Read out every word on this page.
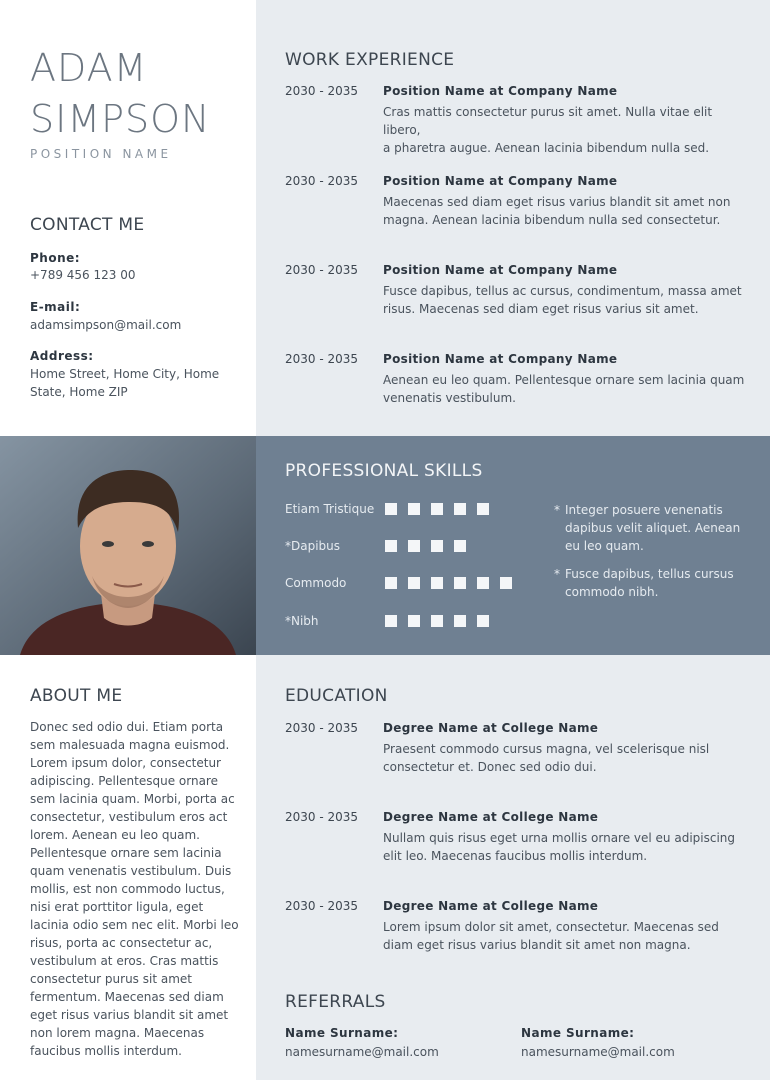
ADAM
SIMPSON
POSITION NAME
CONTACT ME
Phone:
+789 456 123 00
E-mail:
adamsimpson@mail.com
Address:
Home Street, Home City, Home
State, Home ZIP
WORK EXPERIENCE
2030 - 2035 Position Name at Company Name
Cras mattis consectetur purus sit amet. Nulla vitae elit libero,
a pharetra augue. Aenean lacinia bibendum nulla sed.
2030 - 2035 Position Name at Company Name
Maecenas sed diam eget risus varius blandit sit amet non
magna. Aenean lacinia bibendum nulla sed consectetur.
2030 - 2035 Position Name at Company Name
Fusce dapibus, tellus ac cursus, condimentum, massa amet
risus. Maecenas sed diam eget risus varius sit amet.
2030 - 2035 Position Name at Company Name
Aenean eu leo quam. Pellentesque ornare sem lacinia quam
venenatis vestibulum.
PROFESSIONAL SKILLS
Etiam Tristique
*Dapibus
Commodo
*Nibh
* Integer posuere venenatis dapibus velit aliquet. Aenean eu leo quam.
* Fusce dapibus, tellus cursus commodo nibh.
ABOUT ME
Donec sed odio dui. Etiam porta sem malesuada magna euismod. Lorem ipsum dolor, consectetur adipiscing. Pellentesque ornare sem lacinia quam. Morbi, porta ac consectetur, vestibulum eros act lorem. Aenean eu leo quam. Pellentesque ornare sem lacinia quam venenatis vestibulum. Duis mollis, est non commodo luctus, nisi erat porttitor ligula, eget lacinia odio sem nec elit. Morbi leo risus, porta ac consectetur ac, vestibulum at eros. Cras mattis consectetur purus sit amet fermentum. Maecenas sed diam eget risus varius blandit sit amet non lorem magna. Maecenas faucibus mollis interdum.
EDUCATION
2030 - 2035 Degree Name at College Name
Praesent commodo cursus magna, vel scelerisque nisl
consectetur et. Donec sed odio dui.
2030 - 2035 Degree Name at College Name
Nullam quis risus eget urna mollis ornare vel eu adipiscing
elit leo. Maecenas faucibus mollis interdum.
2030 - 2035 Degree Name at College Name
Lorem ipsum dolor sit amet, consectetur. Maecenas sed
diam eget risus varius blandit sit amet non magna.
REFERRALS
Name Surname:
namesurname@mail.com
Name Surname:
namesurname@mail.com
